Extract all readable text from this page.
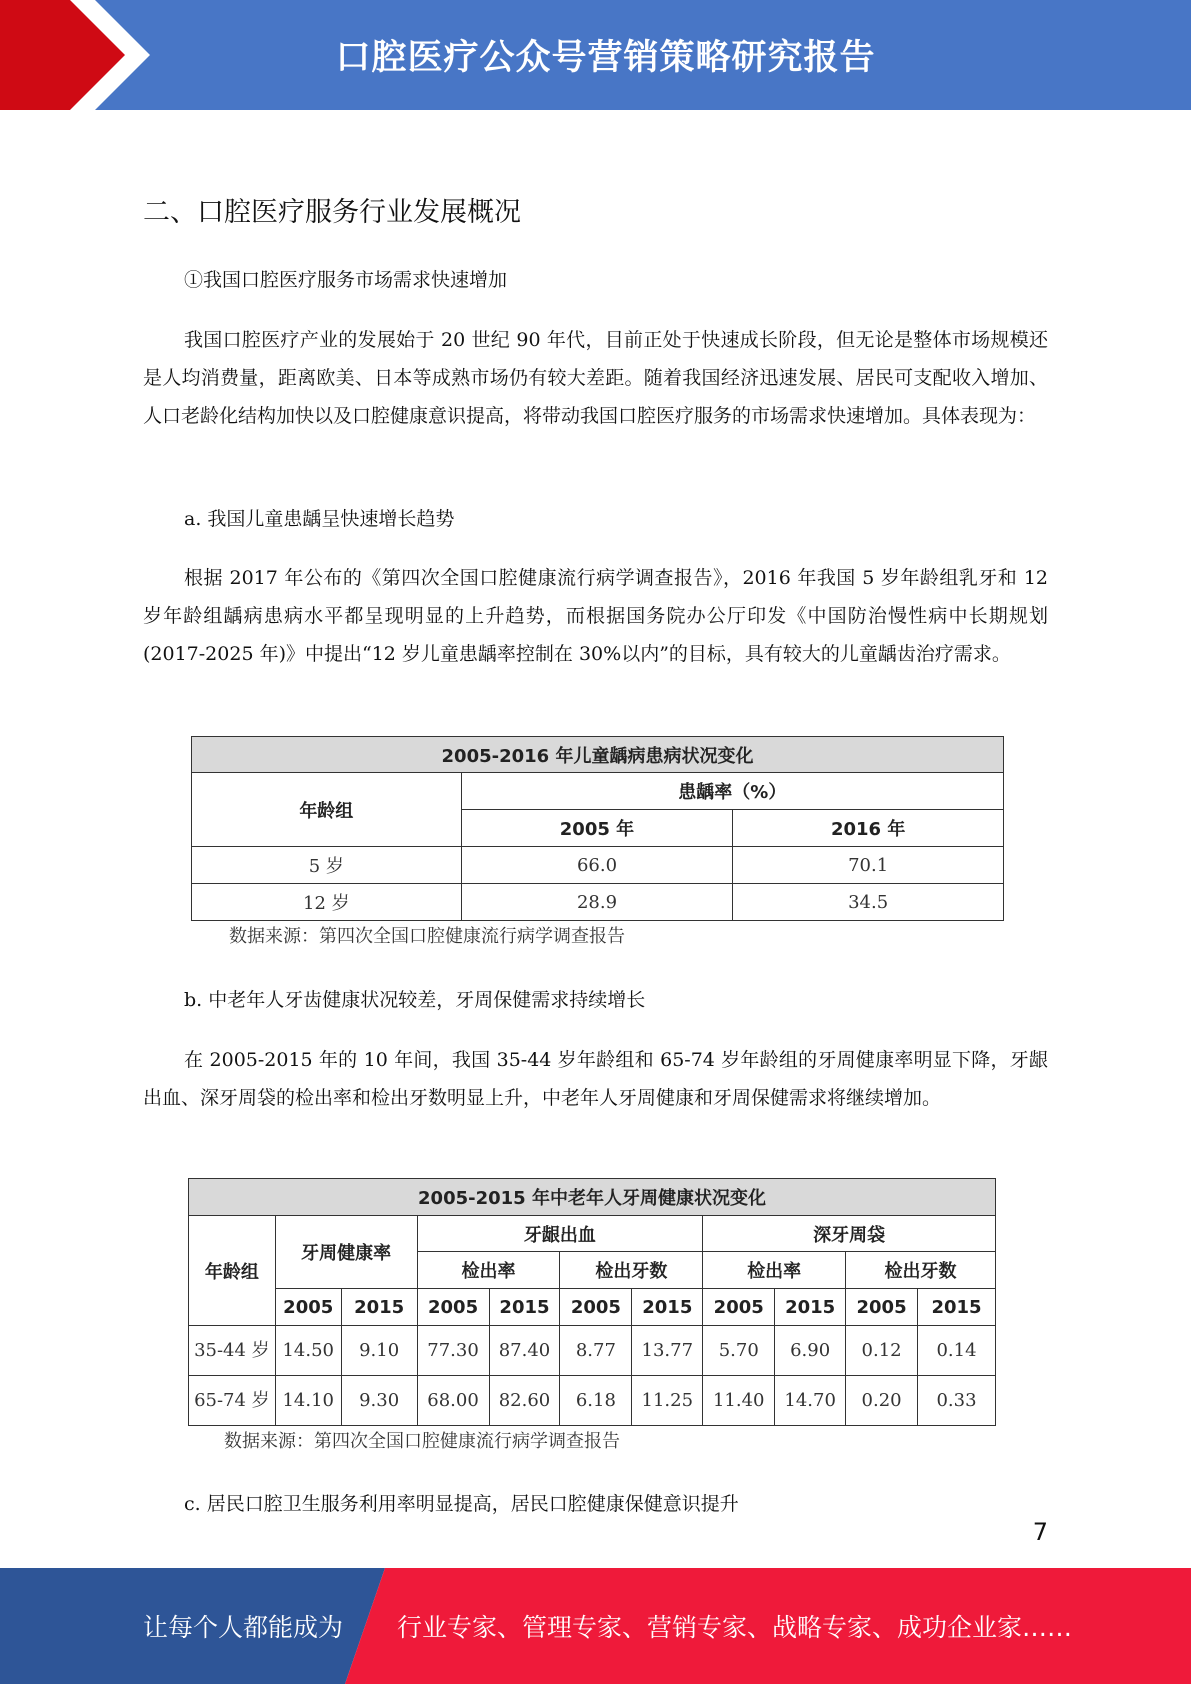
口腔医疗公众号营销策略研究报告
二、口腔医疗服务行业发展概况
①我国口腔医疗服务市场需求快速增加
我国口腔医疗产业的发展始于 20 世纪 90 年代，目前正处于快速成长阶段，但无论是整体市场规模还是人均消费量，距离欧美、日本等成熟市场仍有较大差距。随着我国经济迅速发展、居民可支配收入增加、人口老龄化结构加快以及口腔健康意识提高，将带动我国口腔医疗服务的市场需求快速增加。具体表现为：
a. 我国儿童患龋呈快速增长趋势
根据 2017 年公布的《第四次全国口腔健康流行病学调查报告》，2016 年我国 5 岁年龄组乳牙和 12 岁年龄组龋病患病水平都呈现明显的上升趋势，而根据国务院办公厅印发《中国防治慢性病中长期规划(2017-2025 年)》中提出“12 岁儿童患龋率控制在 30%以内”的目标，具有较大的儿童龋齿治疗需求。
2005-2016 年儿童龋病患病状况变化		
年龄组	患龋率（%）	
	2005 年	2016 年
5 岁	66.0	70.1
12 岁	28.9	34.5
数据来源：第四次全国口腔健康流行病学调查报告
b. 中老年人牙齿健康状况较差，牙周保健需求持续增长
在 2005-2015 年的 10 年间，我国 35-44 岁年龄组和 65-74 岁年龄组的牙周健康率明显下降，牙龈出血、深牙周袋的检出率和检出牙数明显上升，中老年人牙周健康和牙周保健需求将继续增加。
2005-2015 年中老年人牙周健康状况变化										
年龄组	牙周健康率		牙龈出血				深牙周袋			
			检出率		检出牙数		检出率		检出牙数	
	2005	2015	2005	2015	2005	2015	2005	2015	2005	2015
35-44 岁	14.50	9.10	77.30	87.40	8.77	13.77	5.70	6.90	0.12	0.14
65-74 岁	14.10	9.30	68.00	82.60	6.18	11.25	11.40	14.70	0.20	0.33
数据来源：第四次全国口腔健康流行病学调查报告
c. 居民口腔卫生服务利用率明显提高，居民口腔健康保健意识提升
7
让每个人都能成为 行业专家、管理专家、营销专家、战略专家、成功企业家……
